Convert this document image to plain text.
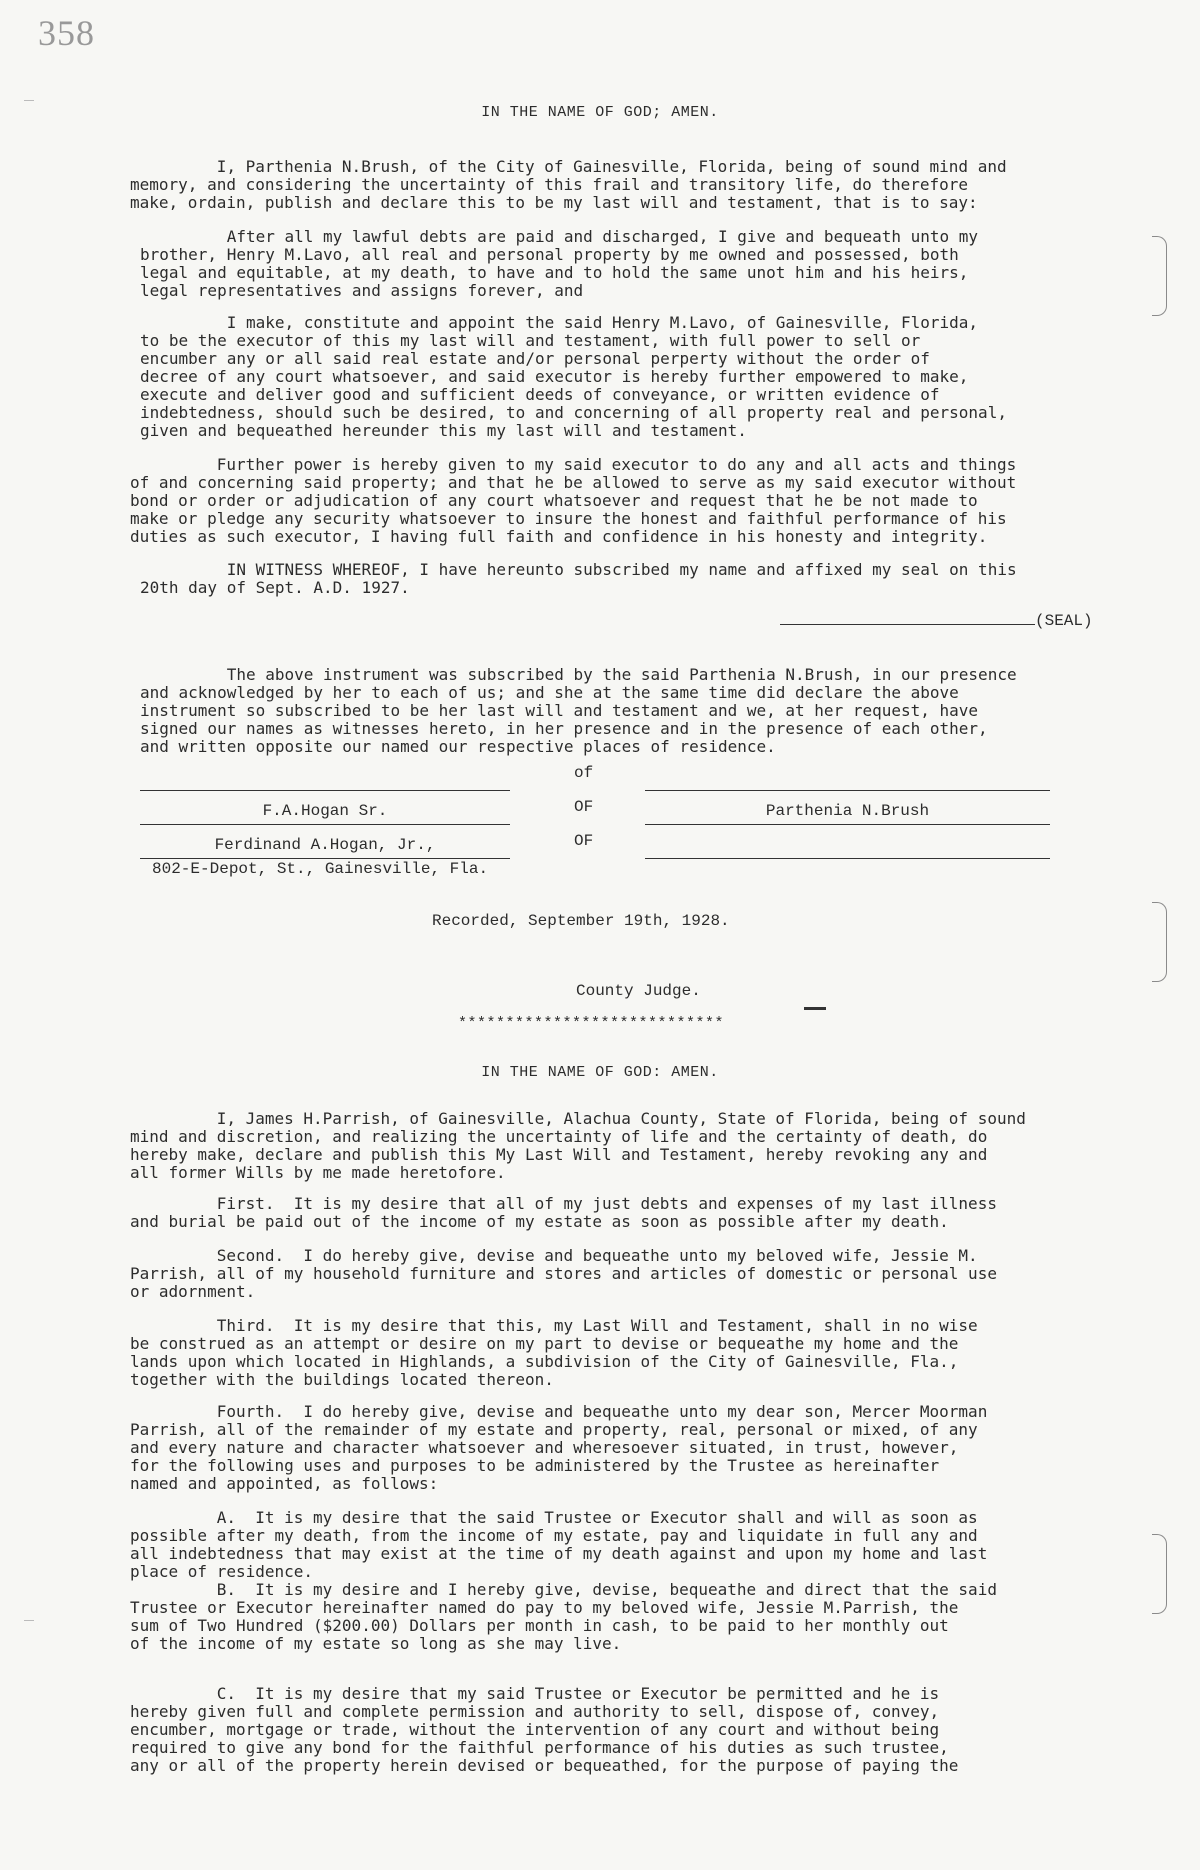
358
IN THE NAME OF GOD; AMEN.
I, Parthenia N.Brush, of the City of Gainesville, Florida, being of sound mind and
memory, and considering the uncertainty of this frail and transitory life, do therefore
make, ordain, publish and declare this to be my last will and testament, that is to say:
After all my lawful debts are paid and discharged, I give and bequeath unto my
brother, Henry M.Lavo, all real and personal property by me owned and possessed, both
legal and equitable, at my death, to have and to hold the same unot him and his heirs,
legal representatives and assigns forever, and
I make, constitute and appoint the said Henry M.Lavo, of Gainesville, Florida,
to be the executor of this my last will and testament, with full power to sell or
encumber any or all said real estate and/or personal perperty without the order of
decree of any court whatsoever, and said executor is hereby further empowered to make,
execute and deliver good and sufficient deeds of conveyance, or written evidence of
indebtedness, should such be desired, to and concerning of all property real and personal,
given and bequeathed hereunder this my last will and testament.
Further power is hereby given to my said executor to do any and all acts and things
of and concerning said property; and that he be allowed to serve as my said executor without
bond or order or adjudication of any court whatsoever and request that he be not made to
make or pledge any security whatsoever to insure the honest and faithful performance of his
duties as such executor, I having full faith and confidence in his honesty and integrity.
IN WITNESS WHEREOF, I have hereunto subscribed my name and affixed my seal on this
20th day of Sept. A.D. 1927.
(SEAL)
The above instrument was subscribed by the said Parthenia N.Brush, in our presence
and acknowledged by her to each of us; and she at the same time did declare the above
instrument so subscribed to be her last will and testament and we, at her request, have
signed our names as witnesses hereto, in her presence and in the presence of each other,
and written opposite our named our respective places of residence.
of
F.A.Hogan Sr.	OF	Parthenia N.Brush
Ferdinand A.Hogan, Jr.,	OF
802-E-Depot, St., Gainesville, Fla.
Recorded, September 19th, 1928.
County Judge.
****************************
IN THE NAME OF GOD: AMEN.
I, James H.Parrish, of Gainesville, Alachua County, State of Florida, being of sound
mind and discretion, and realizing the uncertainty of life and the certainty of death, do
hereby make, declare and publish this My Last Will and Testament, hereby revoking any and
all former Wills by me made heretofore.
First.  It is my desire that all of my just debts and expenses of my last illness
and burial be paid out of the income of my estate as soon as possible after my death.
Second.  I do hereby give, devise and bequeathe unto my beloved wife, Jessie M.
Parrish, all of my household furniture and stores and articles of domestic or personal use
or adornment.
Third.  It is my desire that this, my Last Will and Testament, shall in no wise
be construed as an attempt or desire on my part to devise or bequeathe my home and the
lands upon which located in Highlands, a subdivision of the City of Gainesville, Fla.,
together with the buildings located thereon.
Fourth.  I do hereby give, devise and bequeathe unto my dear son, Mercer Moorman
Parrish, all of the remainder of my estate and property, real, personal or mixed, of any
and every nature and character whatsoever and wheresoever situated, in trust, however,
for the following uses and purposes to be administered by the Trustee as hereinafter
named and appointed, as follows:
A.  It is my desire that the said Trustee or Executor shall and will as soon as
possible after my death, from the income of my estate, pay and liquidate in full any and
all indebtedness that may exist at the time of my death against and upon my home and last
place of residence.
B.  It is my desire and I hereby give, devise, bequeathe and direct that the said
Trustee or Executor hereinafter named do pay to my beloved wife, Jessie M.Parrish, the
sum of Two Hundred ($200.00) Dollars per month in cash, to be paid to her monthly out
of the income of my estate so long as she may live.
C.  It is my desire that my said Trustee or Executor be permitted and he is
hereby given full and complete permission and authority to sell, dispose of, convey,
encumber, mortgage or trade, without the intervention of any court and without being
required to give any bond for the faithful performance of his duties as such trustee,
any or all of the property herein devised or bequeathed, for the purpose of paying the
